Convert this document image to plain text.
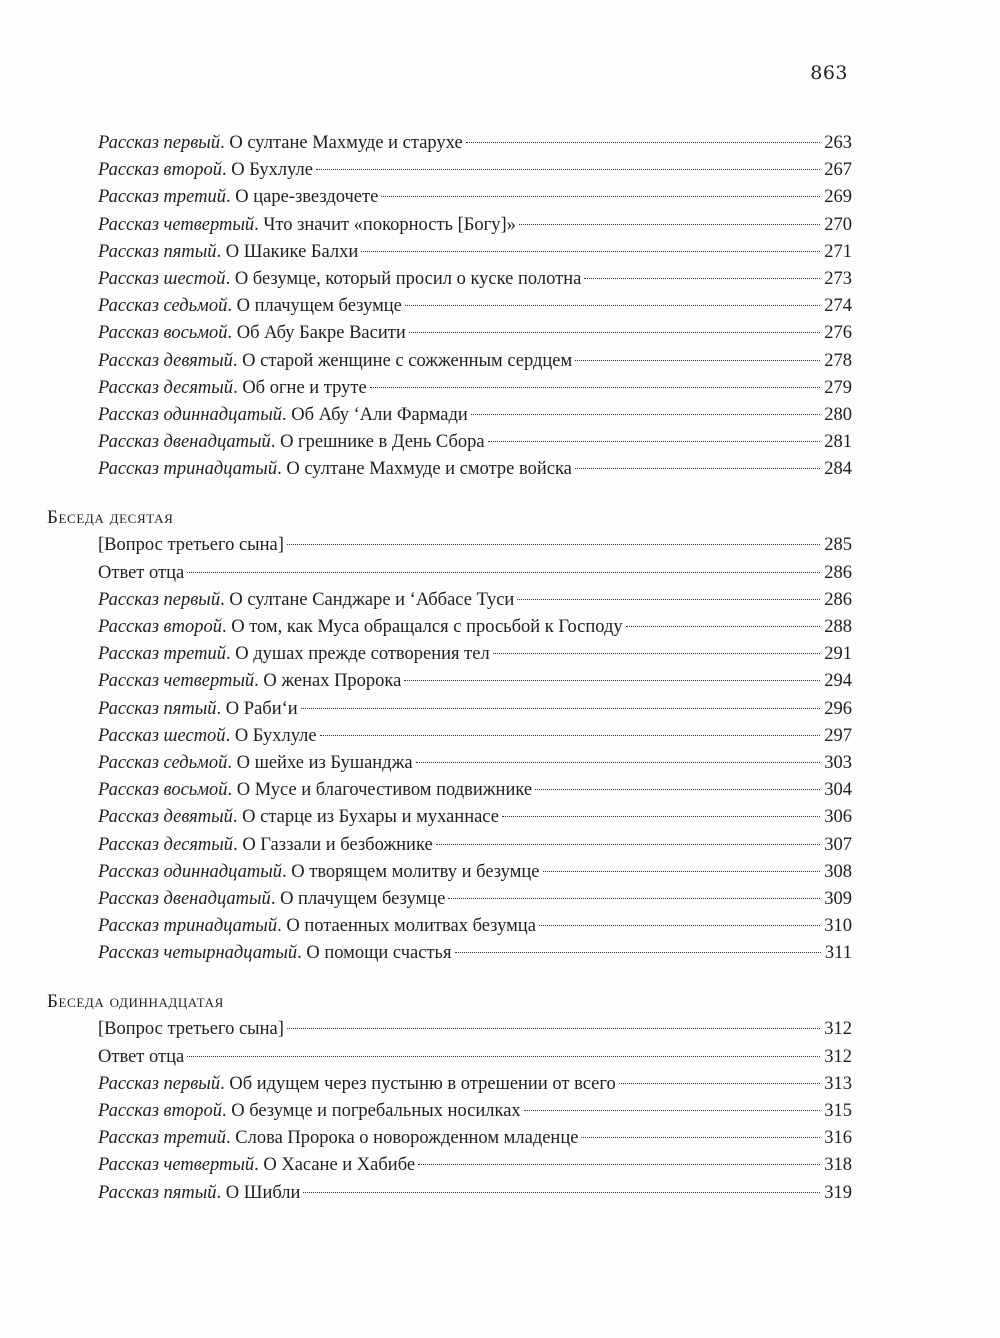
863
Рассказ первый. О султане Махмуде и старухе	263
Рассказ второй. О Бухлуле	267
Рассказ третий. О царе-звездочете	269
Рассказ четвертый. Что значит «покорность [Богу]»	270
Рассказ пятый. О Шакике Балхи	271
Рассказ шестой. О безумце, который просил о куске полотна	273
Рассказ седьмой. О плачущем безумце	274
Рассказ восьмой. Об Абу Бакре Васити	276
Рассказ девятый. О старой женщине с сожженным сердцем	278
Рассказ десятый. Об огне и труте	279
Рассказ одиннадцатый. Об Абу ‘Али Фармади	280
Рассказ двенадцатый. О грешнике в День Сбора	281
Рассказ тринадцатый. О султане Махмуде и смотре войска	284
Беседа десятая
[Вопрос третьего сына]	285
Ответ отца	286
Рассказ первый. О султане Санджаре и ‘Аббасе Туси	286
Рассказ второй. О том, как Муса обращался с просьбой к Господу	288
Рассказ третий. О душах прежде сотворения тел	291
Рассказ четвертый. О женах Пророка	294
Рассказ пятый. О Раби‘и	296
Рассказ шестой. О Бухлуле	297
Рассказ седьмой. О шейхе из Бушанджа	303
Рассказ восьмой. О Мусе и благочестивом подвижнике	304
Рассказ девятый. О старце из Бухары и муханнасе	306
Рассказ десятый. О Газзали и безбожнике	307
Рассказ одиннадцатый. О творящем молитву и безумце	308
Рассказ двенадцатый. О плачущем безумце	309
Рассказ тринадцатый. О потаенных молитвах безумца	310
Рассказ четырнадцатый. О помощи счастья	311
Беседа одиннадцатая
[Вопрос третьего сына]	312
Ответ отца	312
Рассказ первый. Об идущем через пустыню в отрешении от всего	313
Рассказ второй. О безумце и погребальных носилках	315
Рассказ третий. Слова Пророка о новорожденном младенце	316
Рассказ четвертый. О Хасане и Хабибе	318
Рассказ пятый. О Шибли	319
